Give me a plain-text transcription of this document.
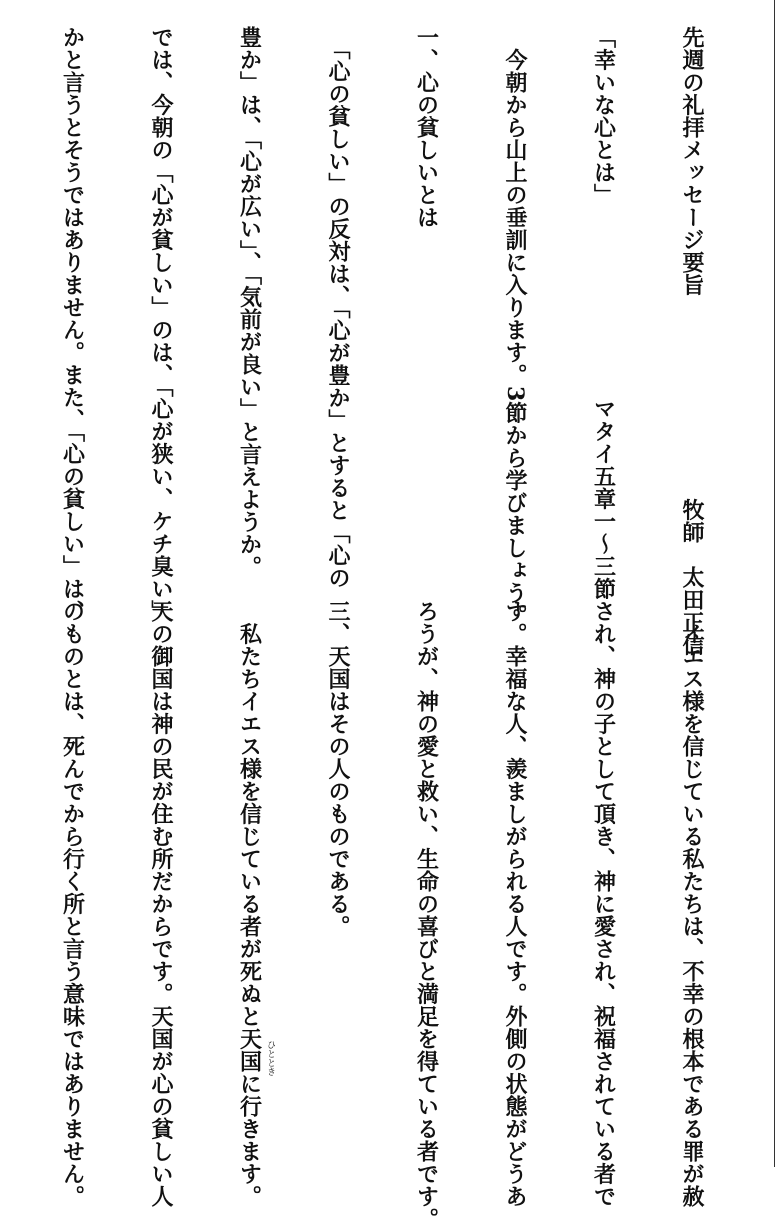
先週の礼拝メッセージ要旨　　　　　　　　　牧師　太田正信

「幸いな心とは」　　　　　　　　　マタイ五章一～三節

　今朝から山上の垂訓に入ります。3節から学びましょう。

一、心の貧しいとは

　「心の貧しい」の反対は、「心が豊か」とすると「心の

豊か」は、「心が広い」、「気前が良い」と言えようか。

では、今朝の「心が貧しい」のは、「心が狭い、ケチ臭い」

かと言うとそうではありません。また、「心の貧しい」は、

　イエス様を信じている私たちは、不幸の根本である罪が赦

され、神の子として頂き、神に愛され、祝福されている者で

す。幸福な人、羨ましがられる人です。外側の状態がどうあ

ろうが、神の愛と救い、生命の喜びと満足を得ている者です。

三、天国はその人のものである。

　私たちイエス様を信じている者が死ぬと天国に行きます。

天の御国は神の民が住む所だからです。天国が心の貧しい人

のものとは、死んでから行く所と言う意味ではありません。

	ひととき
